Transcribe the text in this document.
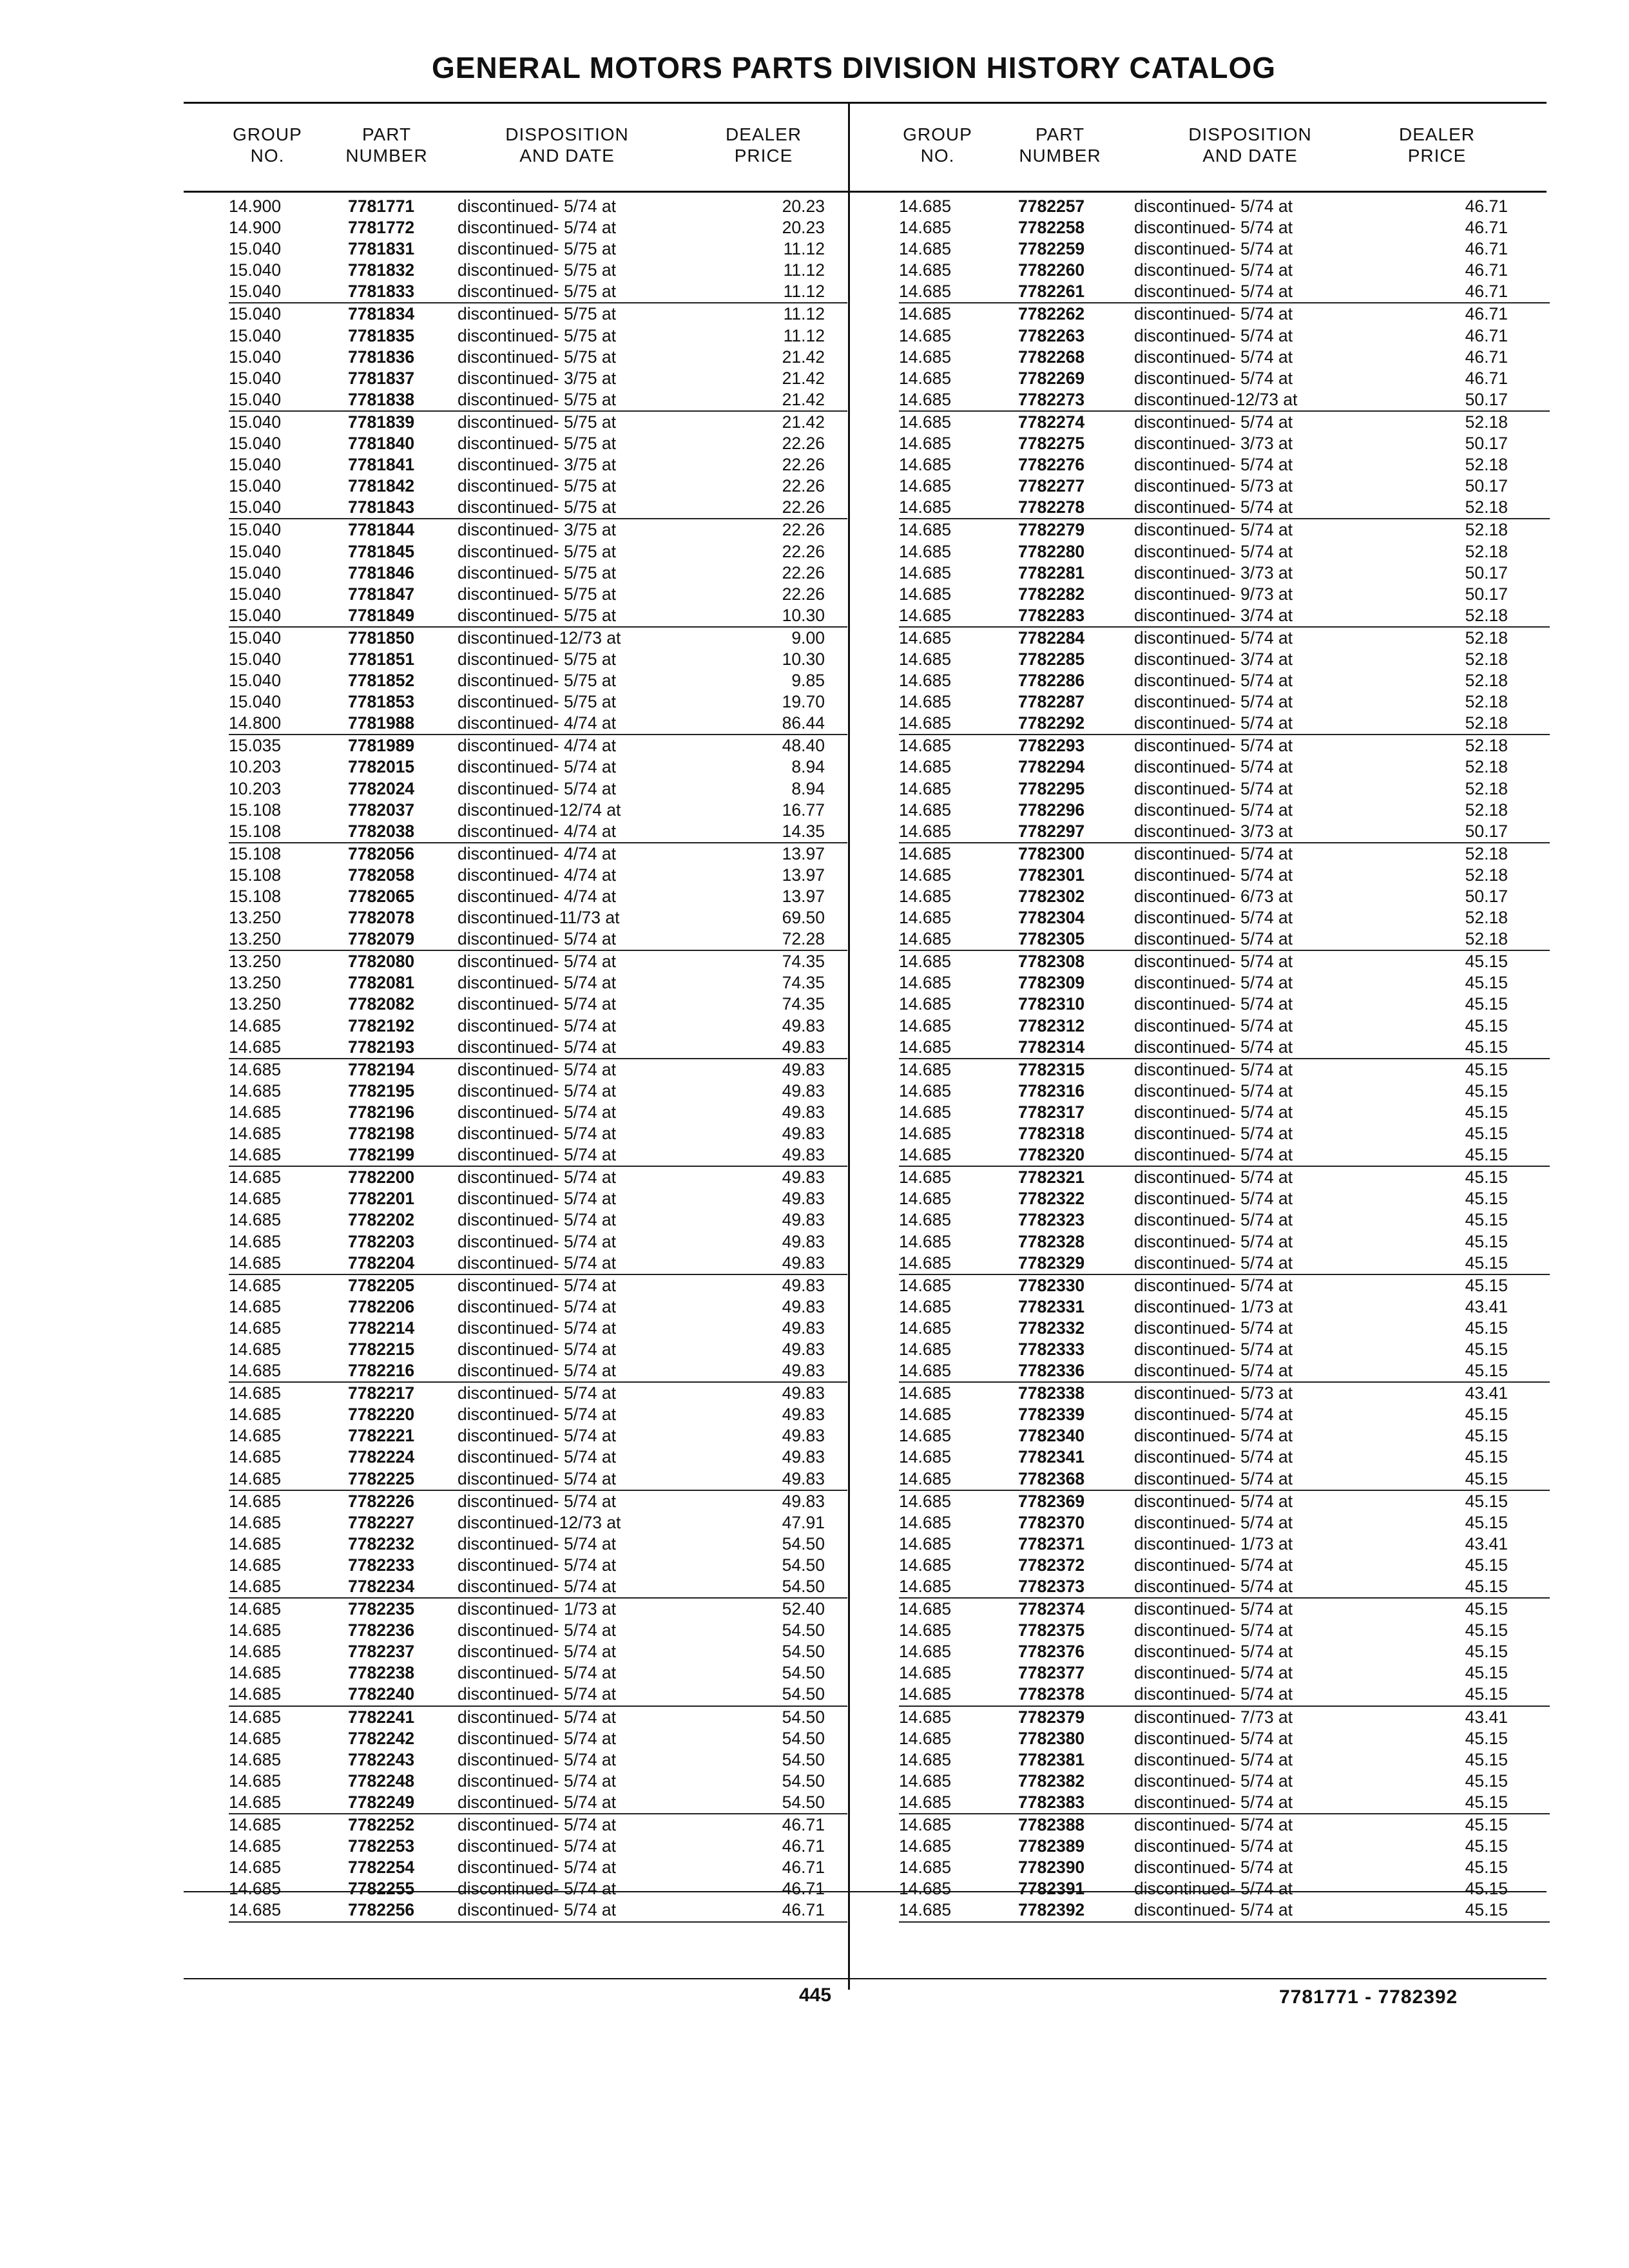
GENERAL MOTORS PARTS DIVISION HISTORY CATALOG
GROUP
NO.
PART
NUMBER
DISPOSITION
AND DATE
DEALER
PRICE
GROUP
NO.
PART
NUMBER
DISPOSITION
AND DATE
DEALER
PRICE
14.900	7781771	discontinued- 5/74 at	20.23
14.900	7781772	discontinued- 5/74 at	20.23
15.040	7781831	discontinued- 5/75 at	11.12
15.040	7781832	discontinued- 5/75 at	11.12
15.040	7781833	discontinued- 5/75 at	11.12
15.040	7781834	discontinued- 5/75 at	11.12
15.040	7781835	discontinued- 5/75 at	11.12
15.040	7781836	discontinued- 5/75 at	21.42
15.040	7781837	discontinued- 3/75 at	21.42
15.040	7781838	discontinued- 5/75 at	21.42
15.040	7781839	discontinued- 5/75 at	21.42
15.040	7781840	discontinued- 5/75 at	22.26
15.040	7781841	discontinued- 3/75 at	22.26
15.040	7781842	discontinued- 5/75 at	22.26
15.040	7781843	discontinued- 5/75 at	22.26
15.040	7781844	discontinued- 3/75 at	22.26
15.040	7781845	discontinued- 5/75 at	22.26
15.040	7781846	discontinued- 5/75 at	22.26
15.040	7781847	discontinued- 5/75 at	22.26
15.040	7781849	discontinued- 5/75 at	10.30
15.040	7781850	discontinued-12/73 at	9.00
15.040	7781851	discontinued- 5/75 at	10.30
15.040	7781852	discontinued- 5/75 at	9.85
15.040	7781853	discontinued- 5/75 at	19.70
14.800	7781988	discontinued- 4/74 at	86.44
15.035	7781989	discontinued- 4/74 at	48.40
10.203	7782015	discontinued- 5/74 at	8.94
10.203	7782024	discontinued- 5/74 at	8.94
15.108	7782037	discontinued-12/74 at	16.77
15.108	7782038	discontinued- 4/74 at	14.35
15.108	7782056	discontinued- 4/74 at	13.97
15.108	7782058	discontinued- 4/74 at	13.97
15.108	7782065	discontinued- 4/74 at	13.97
13.250	7782078	discontinued-11/73 at	69.50
13.250	7782079	discontinued- 5/74 at	72.28
13.250	7782080	discontinued- 5/74 at	74.35
13.250	7782081	discontinued- 5/74 at	74.35
13.250	7782082	discontinued- 5/74 at	74.35
14.685	7782192	discontinued- 5/74 at	49.83
14.685	7782193	discontinued- 5/74 at	49.83
14.685	7782194	discontinued- 5/74 at	49.83
14.685	7782195	discontinued- 5/74 at	49.83
14.685	7782196	discontinued- 5/74 at	49.83
14.685	7782198	discontinued- 5/74 at	49.83
14.685	7782199	discontinued- 5/74 at	49.83
14.685	7782200	discontinued- 5/74 at	49.83
14.685	7782201	discontinued- 5/74 at	49.83
14.685	7782202	discontinued- 5/74 at	49.83
14.685	7782203	discontinued- 5/74 at	49.83
14.685	7782204	discontinued- 5/74 at	49.83
14.685	7782205	discontinued- 5/74 at	49.83
14.685	7782206	discontinued- 5/74 at	49.83
14.685	7782214	discontinued- 5/74 at	49.83
14.685	7782215	discontinued- 5/74 at	49.83
14.685	7782216	discontinued- 5/74 at	49.83
14.685	7782217	discontinued- 5/74 at	49.83
14.685	7782220	discontinued- 5/74 at	49.83
14.685	7782221	discontinued- 5/74 at	49.83
14.685	7782224	discontinued- 5/74 at	49.83
14.685	7782225	discontinued- 5/74 at	49.83
14.685	7782226	discontinued- 5/74 at	49.83
14.685	7782227	discontinued-12/73 at	47.91
14.685	7782232	discontinued- 5/74 at	54.50
14.685	7782233	discontinued- 5/74 at	54.50
14.685	7782234	discontinued- 5/74 at	54.50
14.685	7782235	discontinued- 1/73 at	52.40
14.685	7782236	discontinued- 5/74 at	54.50
14.685	7782237	discontinued- 5/74 at	54.50
14.685	7782238	discontinued- 5/74 at	54.50
14.685	7782240	discontinued- 5/74 at	54.50
14.685	7782241	discontinued- 5/74 at	54.50
14.685	7782242	discontinued- 5/74 at	54.50
14.685	7782243	discontinued- 5/74 at	54.50
14.685	7782248	discontinued- 5/74 at	54.50
14.685	7782249	discontinued- 5/74 at	54.50
14.685	7782252	discontinued- 5/74 at	46.71
14.685	7782253	discontinued- 5/74 at	46.71
14.685	7782254	discontinued- 5/74 at	46.71
14.685	7782255	discontinued- 5/74 at	46.71
14.685	7782256	discontinued- 5/74 at	46.71
14.685	7782257	discontinued- 5/74 at	46.71
14.685	7782258	discontinued- 5/74 at	46.71
14.685	7782259	discontinued- 5/74 at	46.71
14.685	7782260	discontinued- 5/74 at	46.71
14.685	7782261	discontinued- 5/74 at	46.71
14.685	7782262	discontinued- 5/74 at	46.71
14.685	7782263	discontinued- 5/74 at	46.71
14.685	7782268	discontinued- 5/74 at	46.71
14.685	7782269	discontinued- 5/74 at	46.71
14.685	7782273	discontinued-12/73 at	50.17
14.685	7782274	discontinued- 5/74 at	52.18
14.685	7782275	discontinued- 3/73 at	50.17
14.685	7782276	discontinued- 5/74 at	52.18
14.685	7782277	discontinued- 5/73 at	50.17
14.685	7782278	discontinued- 5/74 at	52.18
14.685	7782279	discontinued- 5/74 at	52.18
14.685	7782280	discontinued- 5/74 at	52.18
14.685	7782281	discontinued- 3/73 at	50.17
14.685	7782282	discontinued- 9/73 at	50.17
14.685	7782283	discontinued- 3/74 at	52.18
14.685	7782284	discontinued- 5/74 at	52.18
14.685	7782285	discontinued- 3/74 at	52.18
14.685	7782286	discontinued- 5/74 at	52.18
14.685	7782287	discontinued- 5/74 at	52.18
14.685	7782292	discontinued- 5/74 at	52.18
14.685	7782293	discontinued- 5/74 at	52.18
14.685	7782294	discontinued- 5/74 at	52.18
14.685	7782295	discontinued- 5/74 at	52.18
14.685	7782296	discontinued- 5/74 at	52.18
14.685	7782297	discontinued- 3/73 at	50.17
14.685	7782300	discontinued- 5/74 at	52.18
14.685	7782301	discontinued- 5/74 at	52.18
14.685	7782302	discontinued- 6/73 at	50.17
14.685	7782304	discontinued- 5/74 at	52.18
14.685	7782305	discontinued- 5/74 at	52.18
14.685	7782308	discontinued- 5/74 at	45.15
14.685	7782309	discontinued- 5/74 at	45.15
14.685	7782310	discontinued- 5/74 at	45.15
14.685	7782312	discontinued- 5/74 at	45.15
14.685	7782314	discontinued- 5/74 at	45.15
14.685	7782315	discontinued- 5/74 at	45.15
14.685	7782316	discontinued- 5/74 at	45.15
14.685	7782317	discontinued- 5/74 at	45.15
14.685	7782318	discontinued- 5/74 at	45.15
14.685	7782320	discontinued- 5/74 at	45.15
14.685	7782321	discontinued- 5/74 at	45.15
14.685	7782322	discontinued- 5/74 at	45.15
14.685	7782323	discontinued- 5/74 at	45.15
14.685	7782328	discontinued- 5/74 at	45.15
14.685	7782329	discontinued- 5/74 at	45.15
14.685	7782330	discontinued- 5/74 at	45.15
14.685	7782331	discontinued- 1/73 at	43.41
14.685	7782332	discontinued- 5/74 at	45.15
14.685	7782333	discontinued- 5/74 at	45.15
14.685	7782336	discontinued- 5/74 at	45.15
14.685	7782338	discontinued- 5/73 at	43.41
14.685	7782339	discontinued- 5/74 at	45.15
14.685	7782340	discontinued- 5/74 at	45.15
14.685	7782341	discontinued- 5/74 at	45.15
14.685	7782368	discontinued- 5/74 at	45.15
14.685	7782369	discontinued- 5/74 at	45.15
14.685	7782370	discontinued- 5/74 at	45.15
14.685	7782371	discontinued- 1/73 at	43.41
14.685	7782372	discontinued- 5/74 at	45.15
14.685	7782373	discontinued- 5/74 at	45.15
14.685	7782374	discontinued- 5/74 at	45.15
14.685	7782375	discontinued- 5/74 at	45.15
14.685	7782376	discontinued- 5/74 at	45.15
14.685	7782377	discontinued- 5/74 at	45.15
14.685	7782378	discontinued- 5/74 at	45.15
14.685	7782379	discontinued- 7/73 at	43.41
14.685	7782380	discontinued- 5/74 at	45.15
14.685	7782381	discontinued- 5/74 at	45.15
14.685	7782382	discontinued- 5/74 at	45.15
14.685	7782383	discontinued- 5/74 at	45.15
14.685	7782388	discontinued- 5/74 at	45.15
14.685	7782389	discontinued- 5/74 at	45.15
14.685	7782390	discontinued- 5/74 at	45.15
14.685	7782391	discontinued- 5/74 at	45.15
14.685	7782392	discontinued- 5/74 at	45.15
445	7781771 - 7782392
